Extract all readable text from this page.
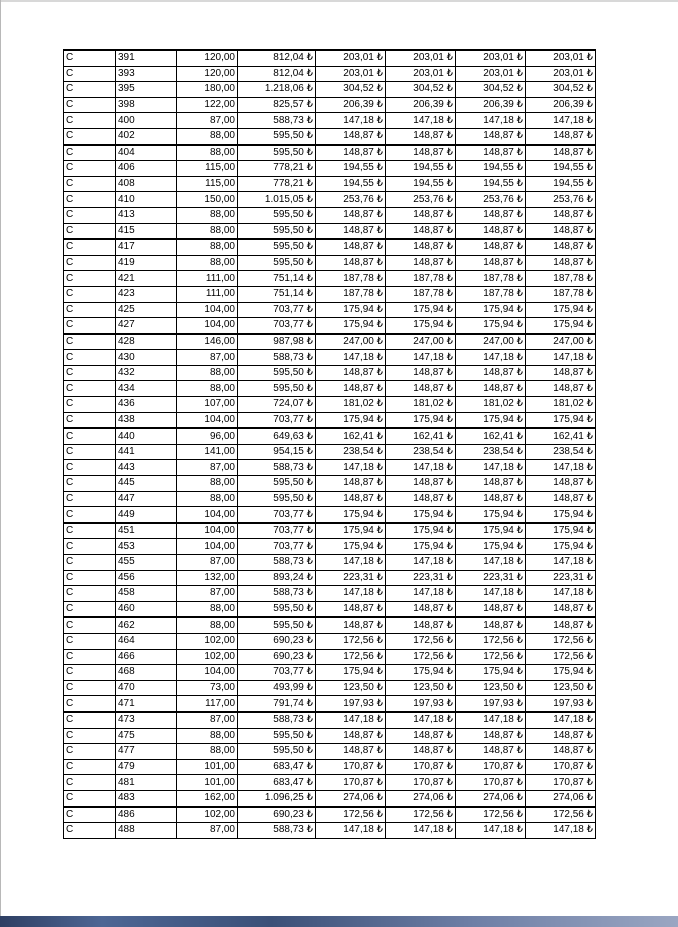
C	391	120,00	812,04 ₺	203,01 ₺	203,01 ₺	203,01 ₺	203,01 ₺
C	393	120,00	812,04 ₺	203,01 ₺	203,01 ₺	203,01 ₺	203,01 ₺
C	395	180,00	1.218,06 ₺	304,52 ₺	304,52 ₺	304,52 ₺	304,52 ₺
C	398	122,00	825,57 ₺	206,39 ₺	206,39 ₺	206,39 ₺	206,39 ₺
C	400	87,00	588,73 ₺	147,18 ₺	147,18 ₺	147,18 ₺	147,18 ₺
C	402	88,00	595,50 ₺	148,87 ₺	148,87 ₺	148,87 ₺	148,87 ₺
C	404	88,00	595,50 ₺	148,87 ₺	148,87 ₺	148,87 ₺	148,87 ₺
C	406	115,00	778,21 ₺	194,55 ₺	194,55 ₺	194,55 ₺	194,55 ₺
C	408	115,00	778,21 ₺	194,55 ₺	194,55 ₺	194,55 ₺	194,55 ₺
C	410	150,00	1.015,05 ₺	253,76 ₺	253,76 ₺	253,76 ₺	253,76 ₺
C	413	88,00	595,50 ₺	148,87 ₺	148,87 ₺	148,87 ₺	148,87 ₺
C	415	88,00	595,50 ₺	148,87 ₺	148,87 ₺	148,87 ₺	148,87 ₺
C	417	88,00	595,50 ₺	148,87 ₺	148,87 ₺	148,87 ₺	148,87 ₺
C	419	88,00	595,50 ₺	148,87 ₺	148,87 ₺	148,87 ₺	148,87 ₺
C	421	111,00	751,14 ₺	187,78 ₺	187,78 ₺	187,78 ₺	187,78 ₺
C	423	111,00	751,14 ₺	187,78 ₺	187,78 ₺	187,78 ₺	187,78 ₺
C	425	104,00	703,77 ₺	175,94 ₺	175,94 ₺	175,94 ₺	175,94 ₺
C	427	104,00	703,77 ₺	175,94 ₺	175,94 ₺	175,94 ₺	175,94 ₺
C	428	146,00	987,98 ₺	247,00 ₺	247,00 ₺	247,00 ₺	247,00 ₺
C	430	87,00	588,73 ₺	147,18 ₺	147,18 ₺	147,18 ₺	147,18 ₺
C	432	88,00	595,50 ₺	148,87 ₺	148,87 ₺	148,87 ₺	148,87 ₺
C	434	88,00	595,50 ₺	148,87 ₺	148,87 ₺	148,87 ₺	148,87 ₺
C	436	107,00	724,07 ₺	181,02 ₺	181,02 ₺	181,02 ₺	181,02 ₺
C	438	104,00	703,77 ₺	175,94 ₺	175,94 ₺	175,94 ₺	175,94 ₺
C	440	96,00	649,63 ₺	162,41 ₺	162,41 ₺	162,41 ₺	162,41 ₺
C	441	141,00	954,15 ₺	238,54 ₺	238,54 ₺	238,54 ₺	238,54 ₺
C	443	87,00	588,73 ₺	147,18 ₺	147,18 ₺	147,18 ₺	147,18 ₺
C	445	88,00	595,50 ₺	148,87 ₺	148,87 ₺	148,87 ₺	148,87 ₺
C	447	88,00	595,50 ₺	148,87 ₺	148,87 ₺	148,87 ₺	148,87 ₺
C	449	104,00	703,77 ₺	175,94 ₺	175,94 ₺	175,94 ₺	175,94 ₺
C	451	104,00	703,77 ₺	175,94 ₺	175,94 ₺	175,94 ₺	175,94 ₺
C	453	104,00	703,77 ₺	175,94 ₺	175,94 ₺	175,94 ₺	175,94 ₺
C	455	87,00	588,73 ₺	147,18 ₺	147,18 ₺	147,18 ₺	147,18 ₺
C	456	132,00	893,24 ₺	223,31 ₺	223,31 ₺	223,31 ₺	223,31 ₺
C	458	87,00	588,73 ₺	147,18 ₺	147,18 ₺	147,18 ₺	147,18 ₺
C	460	88,00	595,50 ₺	148,87 ₺	148,87 ₺	148,87 ₺	148,87 ₺
C	462	88,00	595,50 ₺	148,87 ₺	148,87 ₺	148,87 ₺	148,87 ₺
C	464	102,00	690,23 ₺	172,56 ₺	172,56 ₺	172,56 ₺	172,56 ₺
C	466	102,00	690,23 ₺	172,56 ₺	172,56 ₺	172,56 ₺	172,56 ₺
C	468	104,00	703,77 ₺	175,94 ₺	175,94 ₺	175,94 ₺	175,94 ₺
C	470	73,00	493,99 ₺	123,50 ₺	123,50 ₺	123,50 ₺	123,50 ₺
C	471	117,00	791,74 ₺	197,93 ₺	197,93 ₺	197,93 ₺	197,93 ₺
C	473	87,00	588,73 ₺	147,18 ₺	147,18 ₺	147,18 ₺	147,18 ₺
C	475	88,00	595,50 ₺	148,87 ₺	148,87 ₺	148,87 ₺	148,87 ₺
C	477	88,00	595,50 ₺	148,87 ₺	148,87 ₺	148,87 ₺	148,87 ₺
C	479	101,00	683,47 ₺	170,87 ₺	170,87 ₺	170,87 ₺	170,87 ₺
C	481	101,00	683,47 ₺	170,87 ₺	170,87 ₺	170,87 ₺	170,87 ₺
C	483	162,00	1.096,25 ₺	274,06 ₺	274,06 ₺	274,06 ₺	274,06 ₺
C	486	102,00	690,23 ₺	172,56 ₺	172,56 ₺	172,56 ₺	172,56 ₺
C	488	87,00	588,73 ₺	147,18 ₺	147,18 ₺	147,18 ₺	147,18 ₺
